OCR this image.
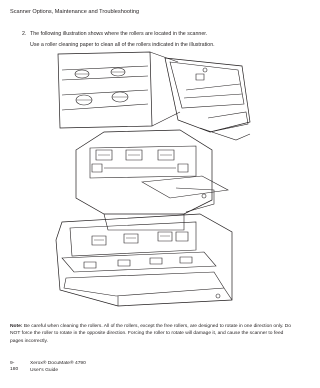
Scanner Options, Maintenance and Troubleshooting
2. The following illustration shows where the rollers are located in the scanner.
Use a roller cleaning paper to clean all of the rollers indicated in the illustration.
Note: Be careful when cleaning the rollers. All of the rollers, except the free rollers, are designed to rotate in one direction only. Do NOT force the roller to rotate in the opposite direction. Forcing the roller to rotate will damage it, and cause the scanner to feed pages incorrectly.
9-180
Xerox® DocuMate® 4790
User's Guide
